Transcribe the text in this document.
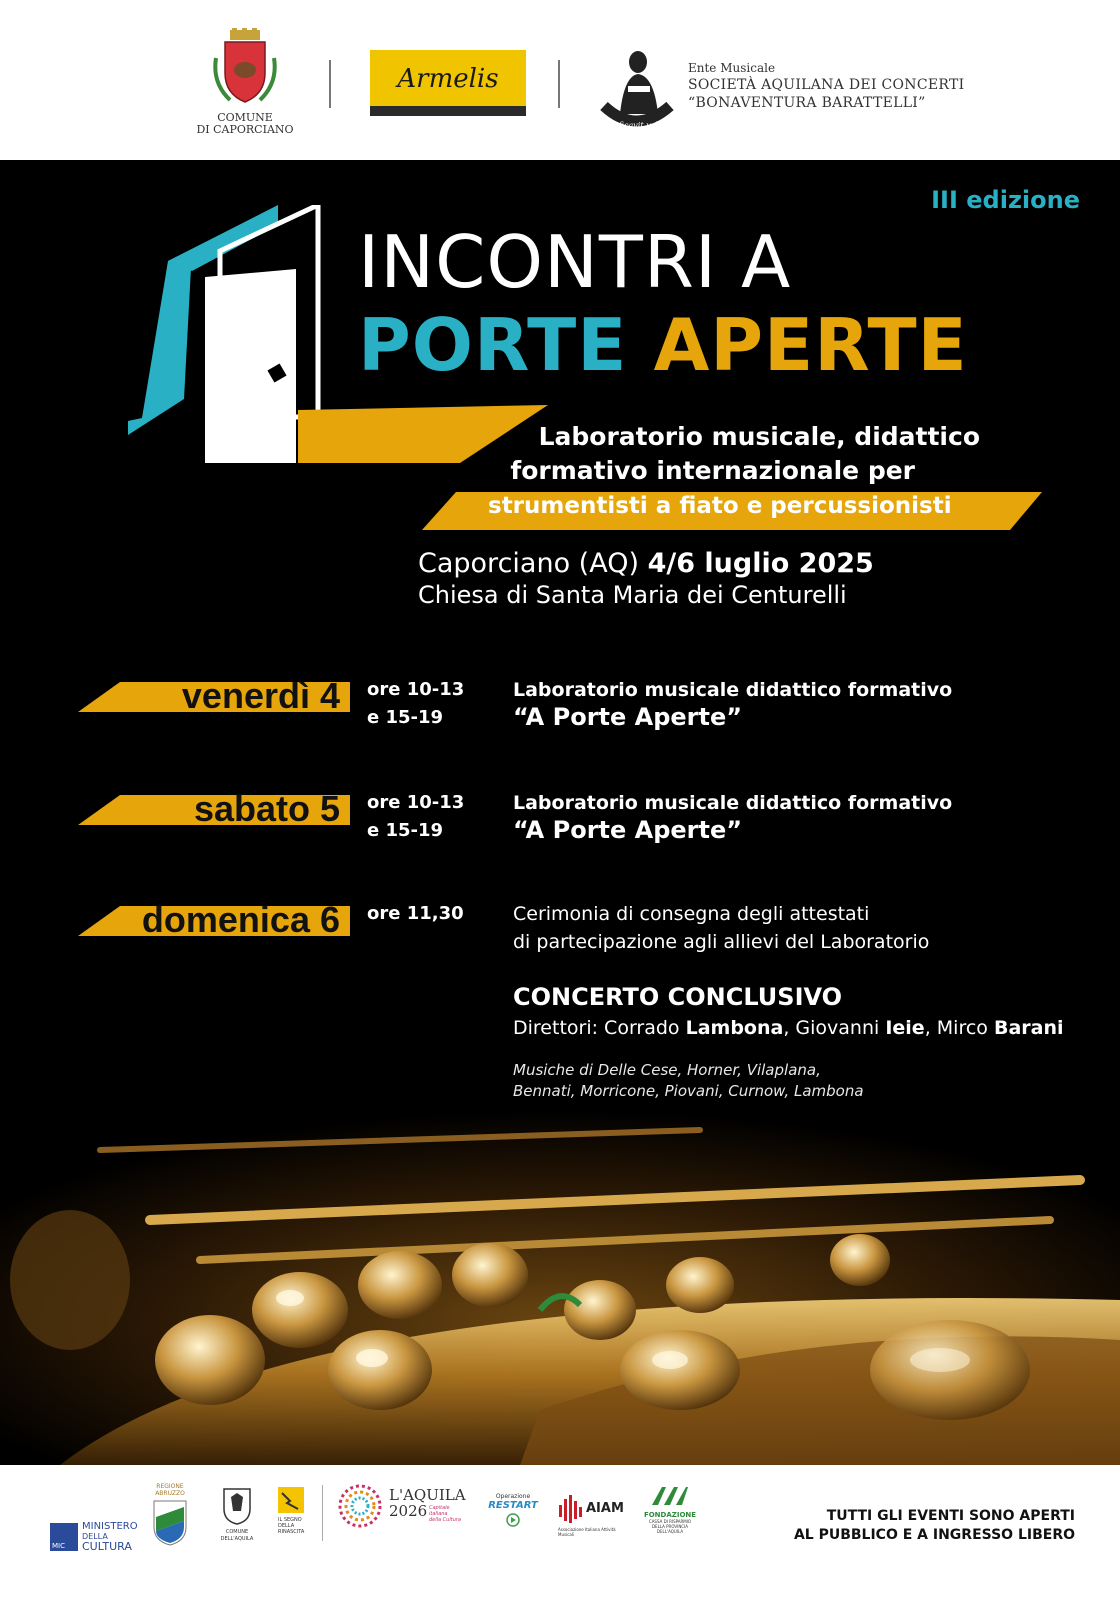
COMUNE
DI CAPORCIANO
Armelis
aedificavit urbem
Ente Musicale
SOCIETÀ AQUILANA DEI CONCERTI
“BONAVENTURA BARATTELLI”
III edizione
INCONTRI A
PORTE APERTE
Laboratorio musicale, didattico
formativo internazionale per
strumentisti a fiato e percussionisti
Caporciano (AQ) 4/6 luglio 2025
Chiesa di Santa Maria dei Centurelli
venerdì 4 ore 10-13
e 15-19
Laboratorio musicale didattico formativo
“A Porte Aperte”
sabato 5 ore 10-13
e 15-19
Laboratorio musicale didattico formativo
“A Porte Aperte”
domenica 6 ore 11,30	Cerimonia di consegna degli attestati
di partecipazione agli allievi del Laboratorio
CONCERTO CONCLUSIVO
Direttori: Corrado Lambona, Giovanni Ieie, Mirco Barani
Musiche di Delle Cese, Horner, Vilaplana,
Bennati, Morricone, Piovani, Curnow, Lambona
MIC
MINISTERO
DELLA
CULTURA
REGIONE
ABRUZZO
COMUNE DELL'AQUILA
IL SEGNO
DELLA
RINASCITA
L'AQUILA
2026 Capitale italiana
della Cultura
Operazione
RESTART	AIAM
Associazione Italiana Attività Musicali
FONDAZIONE
CASSA DI RISPARMIO
DELLA PROVINCIA DELL'AQUILA
TUTTI GLI EVENTI SONO APERTI
AL PUBBLICO E A INGRESSO LIBERO
